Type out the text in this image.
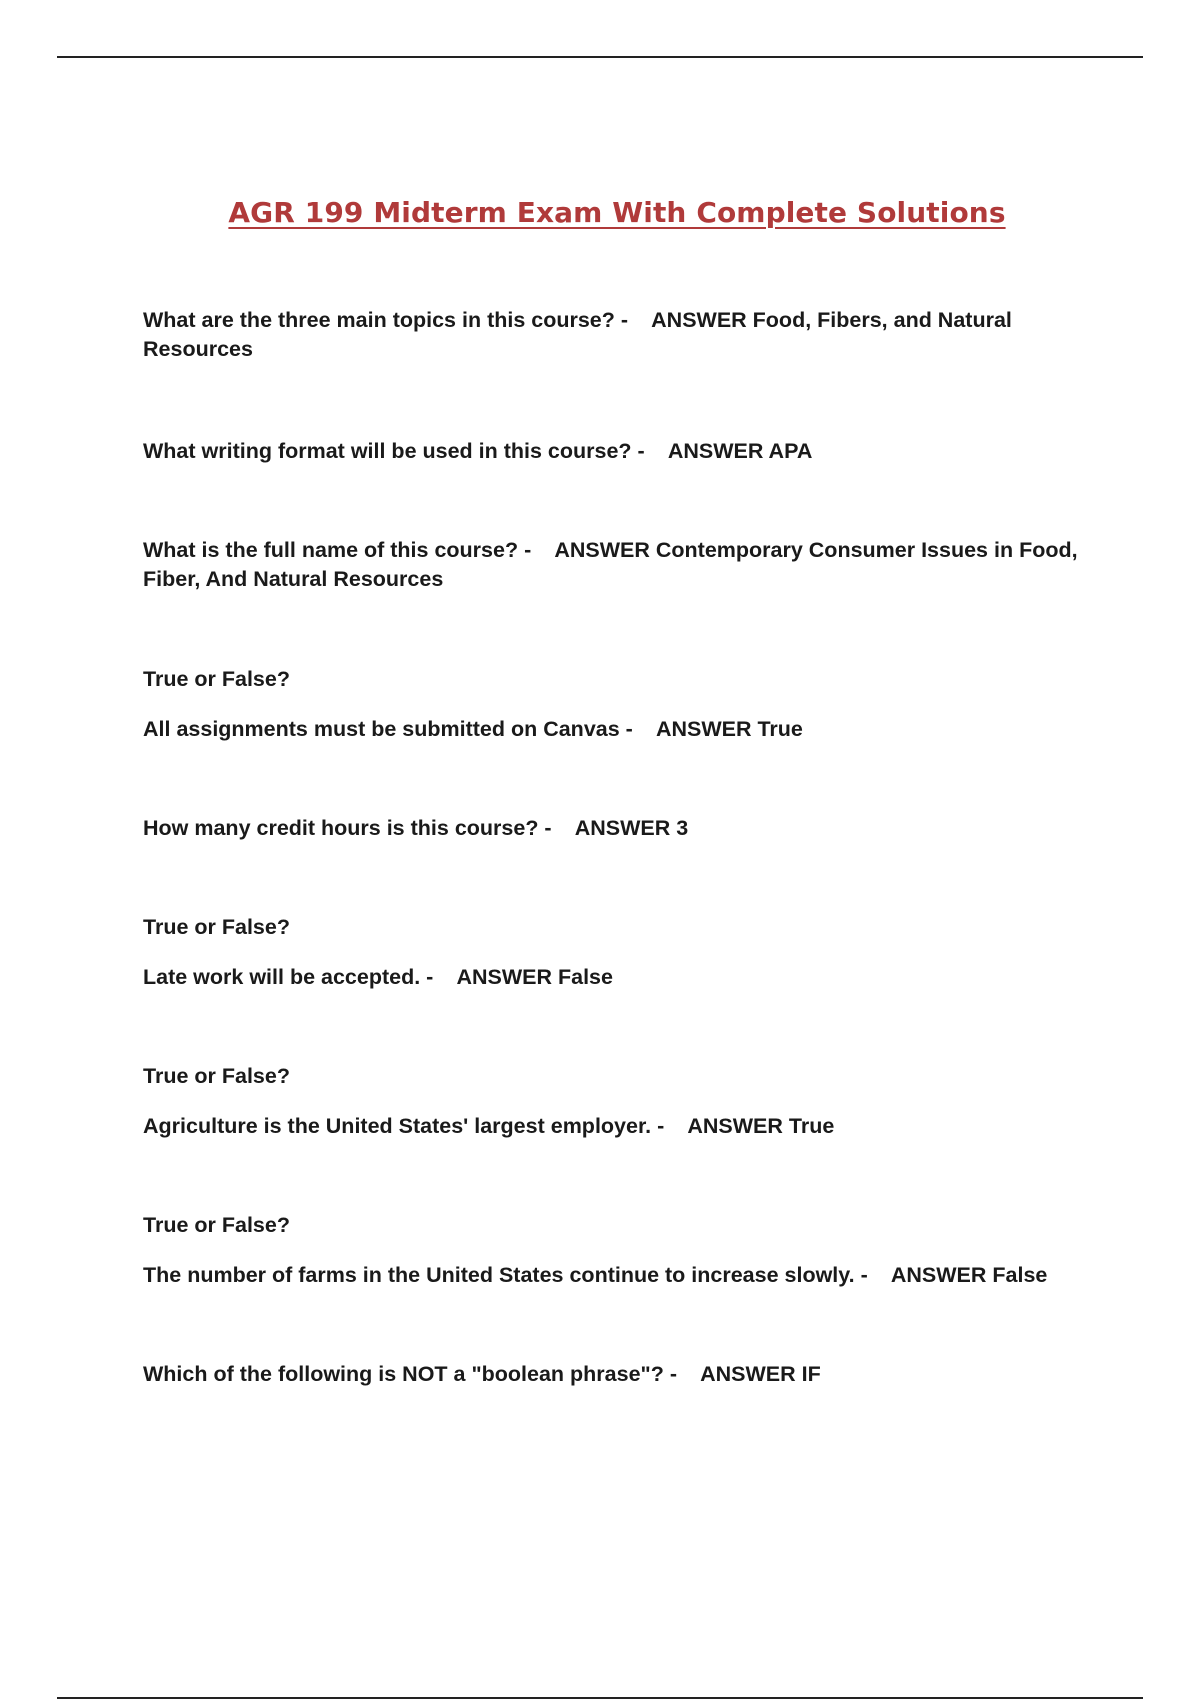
AGR 199 Midterm Exam With Complete Solutions

What are the three main topics in this course? - ANSWER Food, Fibers, and Natural Resources

What writing format will be used in this course? - ANSWER APA

What is the full name of this course? - ANSWER Contemporary Consumer Issues in Food, Fiber, And Natural Resources

True or False?

All assignments must be submitted on Canvas - ANSWER True

How many credit hours is this course? - ANSWER 3

True or False?

Late work will be accepted. - ANSWER False

True or False?

Agriculture is the United States' largest employer. - ANSWER True

True or False?

The number of farms in the United States continue to increase slowly. - ANSWER False

Which of the following is NOT a "boolean phrase"? - ANSWER IF
